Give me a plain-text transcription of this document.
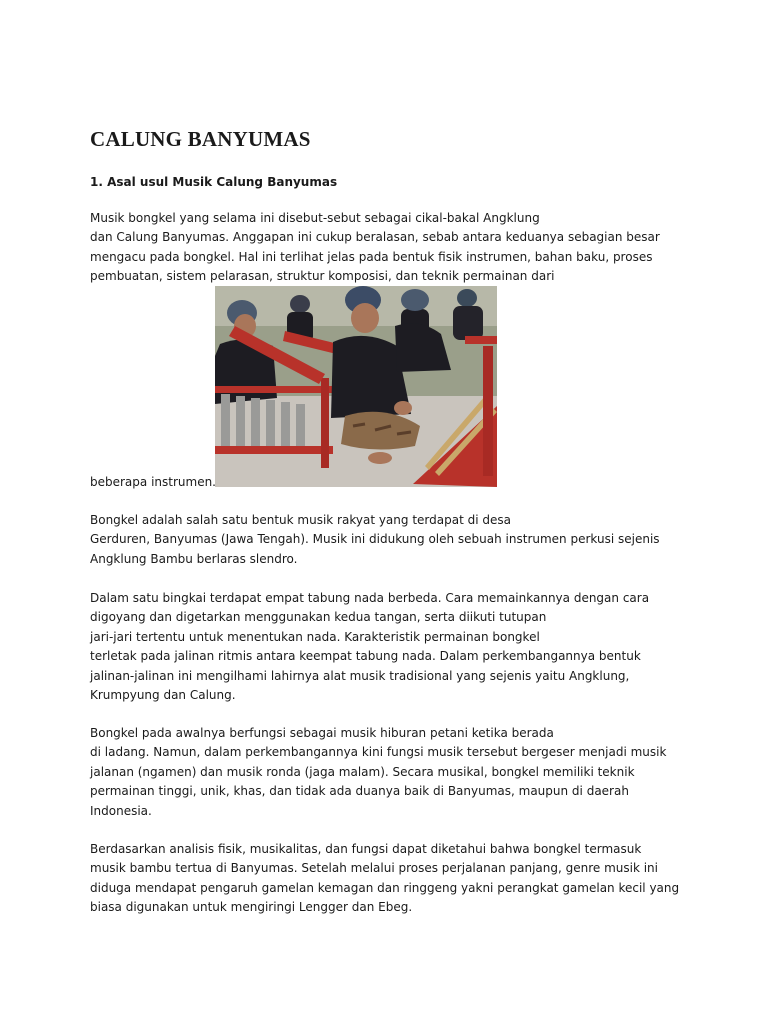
CALUNG BANYUMAS
1. Asal usul Musik Calung Banyumas

Musik bongkel yang selama ini disebut-sebut sebagai cikal-bakal Angklung
dan Calung Banyumas. Anggapan ini cukup beralasan, sebab antara keduanya sebagian besar
mengacu pada bongkel. Hal ini terlihat jelas pada bentuk fisik instrumen, bahan baku, proses
pembuatan, sistem pelarasan, struktur komposisi, dan teknik permainan dari

beberapa instrumen.

Bongkel adalah salah satu bentuk musik rakyat yang terdapat di desa
Gerduren, Banyumas (Jawa Tengah). Musik ini didukung oleh sebuah instrumen perkusi sejenis
Angklung Bambu berlaras slendro.

Dalam satu bingkai terdapat empat tabung nada berbeda. Cara memainkannya dengan cara
digoyang dan digetarkan menggunakan kedua tangan, serta diikuti tutupan
jari-jari tertentu untuk menentukan nada. Karakteristik permainan bongkel
terletak pada jalinan ritmis antara keempat tabung nada. Dalam perkembangannya bentuk
jalinan-jalinan ini mengilhami lahirnya alat musik tradisional yang sejenis yaitu Angklung,
Krumpyung dan Calung.

Bongkel pada awalnya berfungsi sebagai musik hiburan petani ketika berada
di ladang. Namun, dalam perkembangannya kini fungsi musik tersebut bergeser menjadi musik
jalanan (ngamen) dan musik ronda (jaga malam). Secara musikal, bongkel memiliki teknik
permainan tinggi, unik, khas, dan tidak ada duanya baik di Banyumas, maupun di daerah
Indonesia.

Berdasarkan analisis fisik, musikalitas, dan fungsi dapat diketahui bahwa bongkel termasuk
musik bambu tertua di Banyumas. Setelah melalui proses perjalanan panjang, genre musik ini
diduga mendapat pengaruh gamelan kemagan dan ringgeng yakni perangkat gamelan kecil yang
biasa digunakan untuk mengiringi Lengger dan Ebeg.
